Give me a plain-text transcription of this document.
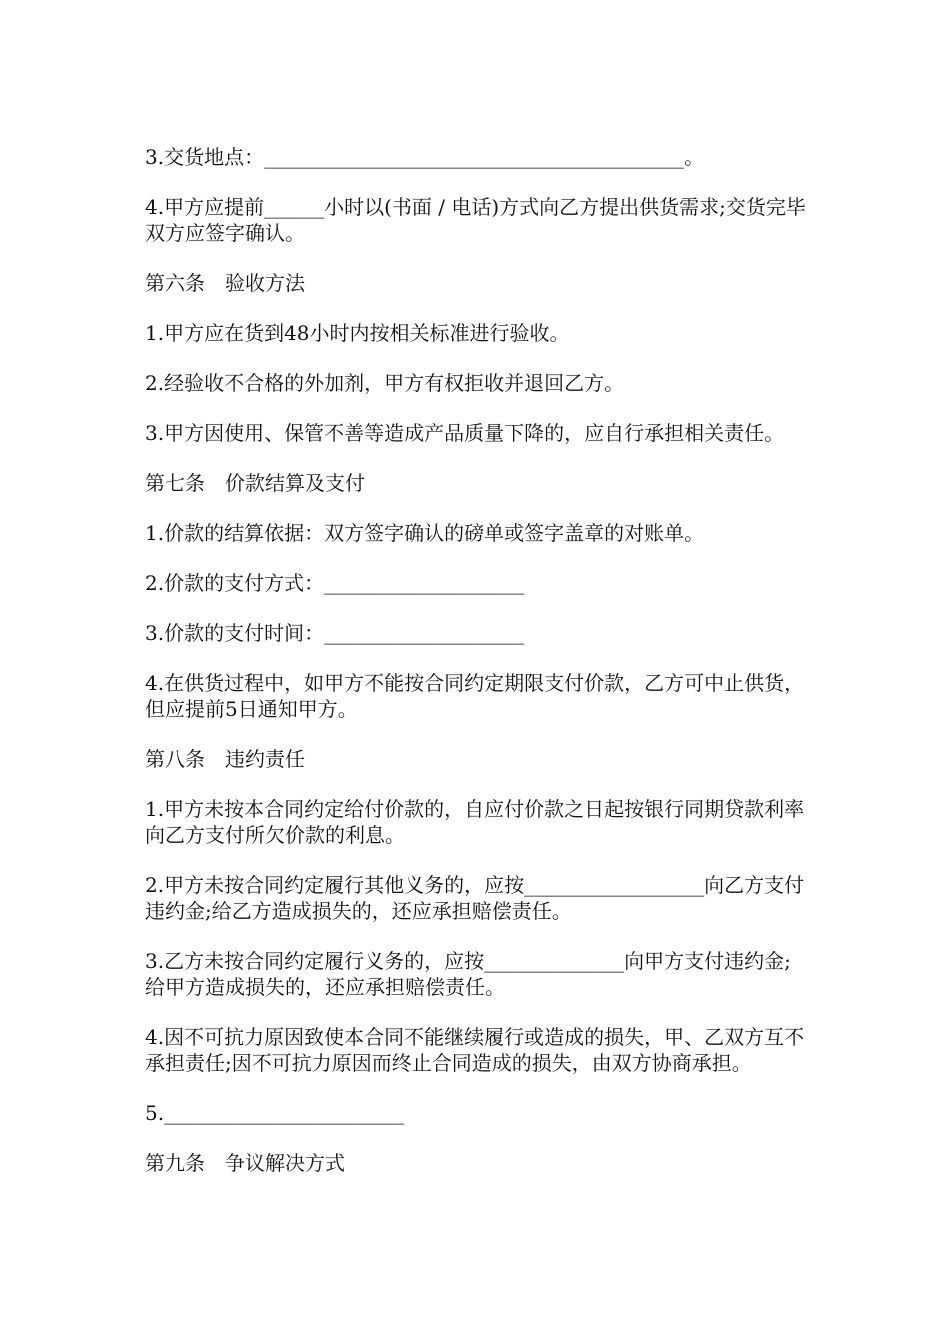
3.交货地点：__________________________________________。

4.甲方应提前______小时以(书面 / 电话)方式向乙方提出供货需求;交货完毕双方应签字确认。

第六条　验收方法

1.甲方应在货到48小时内按相关标准进行验收。

2.经验收不合格的外加剂，甲方有权拒收并退回乙方。

3.甲方因使用、保管不善等造成产品质量下降的，应自行承担相关责任。

第七条　价款结算及支付

1.价款的结算依据：双方签字确认的磅单或签字盖章的对账单。

2.价款的支付方式：____________________

3.价款的支付时间：____________________

4.在供货过程中，如甲方不能按合同约定期限支付价款，乙方可中止供货，但应提前5日通知甲方。

第八条　违约责任

1.甲方未按本合同约定给付价款的，自应付价款之日起按银行同期贷款利率向乙方支付所欠价款的利息。

2.甲方未按合同约定履行其他义务的，应按__________________向乙方支付违约金;给乙方造成损失的，还应承担赔偿责任。

3.乙方未按合同约定履行义务的，应按______________向甲方支付违约金;给甲方造成损失的，还应承担赔偿责任。

4.因不可抗力原因致使本合同不能继续履行或造成的损失，甲、乙双方互不承担责任;因不可抗力原因而终止合同造成的损失，由双方协商承担。

5.________________________

第九条　争议解决方式
